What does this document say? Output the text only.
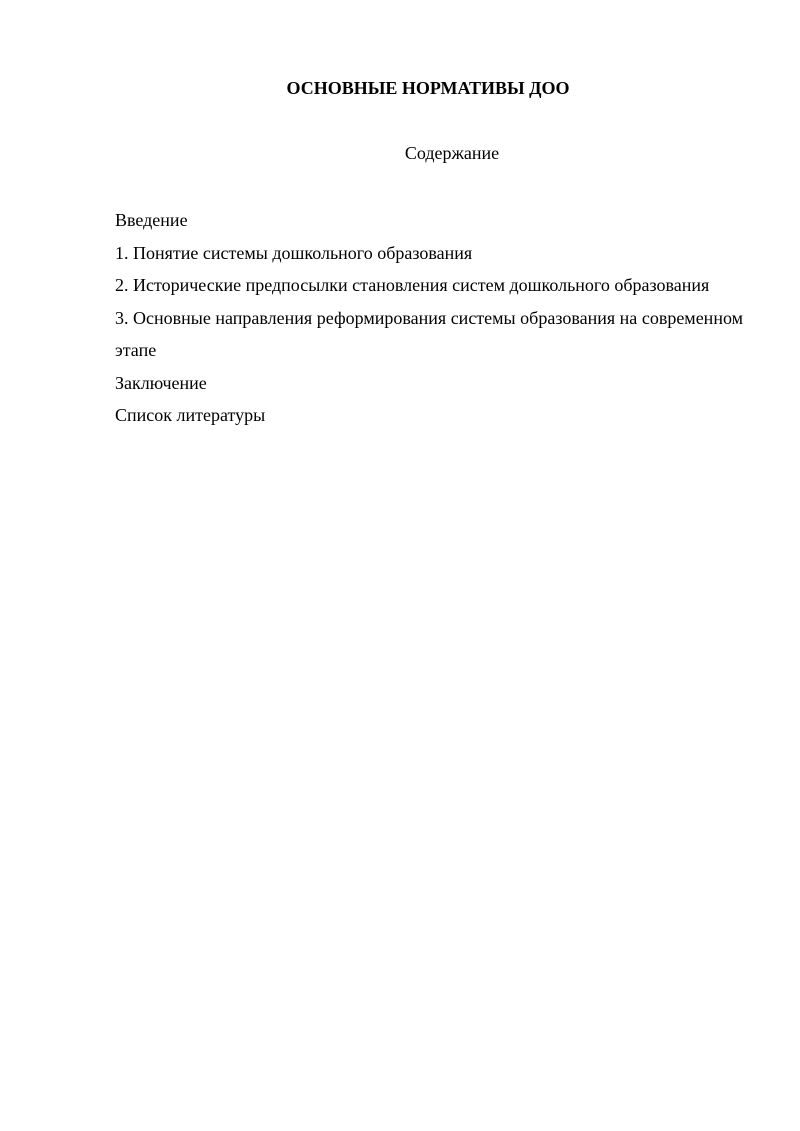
ОСНОВНЫЕ НОРМАТИВЫ ДОО
Содержание
Введение
1. Понятие системы дошкольного образования
2. Исторические предпосылки становления систем дошкольного образования
3. Основные направления реформирования системы образования на современном этапе
Заключение
Список литературы
